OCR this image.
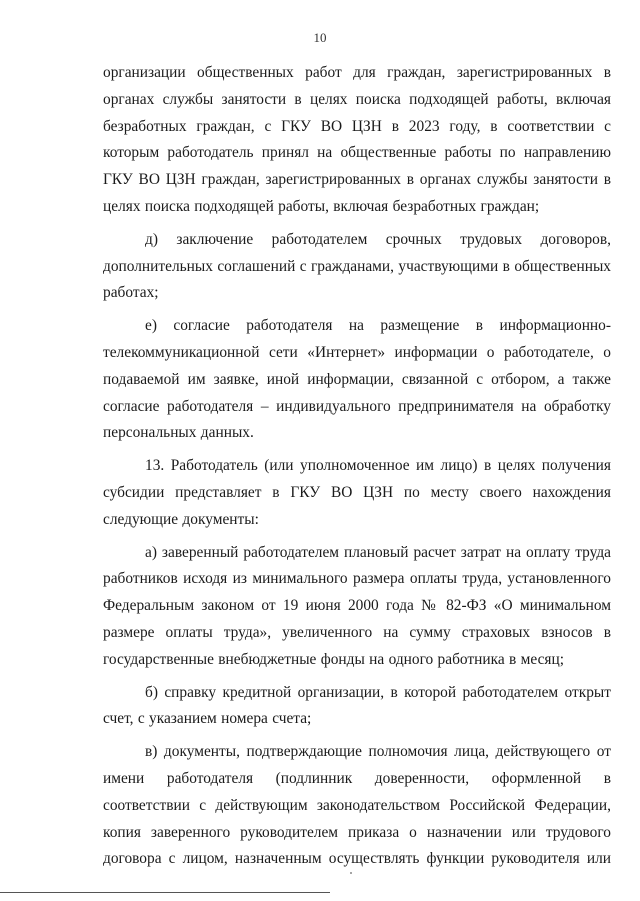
10

организации общественных работ для граждан, зарегистрированных в органах службы занятости в целях поиска подходящей работы, включая безработных граждан, с ГКУ ВО ЦЗН в 2023 году, в соответствии с которым работодатель принял на общественные работы по направлению ГКУ ВО ЦЗН граждан, зарегистрированных в органах службы занятости в целях поиска подходящей работы, включая безработных граждан;

д) заключение работодателем срочных трудовых договоров, дополнительных соглашений с гражданами, участвующими в общественных работах;

е) согласие работодателя на размещение в информационно-телекоммуникационной сети «Интернет» информации о работодателе, о подаваемой им заявке, иной информации, связанной с отбором, а также согласие работодателя – индивидуального предпринимателя на обработку персональных данных.

13. Работодатель (или уполномоченное им лицо) в целях получения субсидии представляет в ГКУ ВО ЦЗН по месту своего нахождения следующие документы:

а) заверенный работодателем плановый расчет затрат на оплату труда работников исходя из минимального размера оплаты труда, установленного Федеральным законом от 19 июня 2000 года № 82-ФЗ «О минимальном размере оплаты труда», увеличенного на сумму страховых взносов в государственные внебюджетные фонды на одного работника в месяц;

б) справку кредитной организации, в которой работодателем открыт счет, с указанием номера счета;

в) документы, подтверждающие полномочия лица, действующего от имени работодателя (подлинник доверенности, оформленной в соответствии с действующим законодательством Российской Федерации, копия заверенного руководителем приказа о назначении или трудового договора с лицом, назначенным осуществлять функции руководителя или
